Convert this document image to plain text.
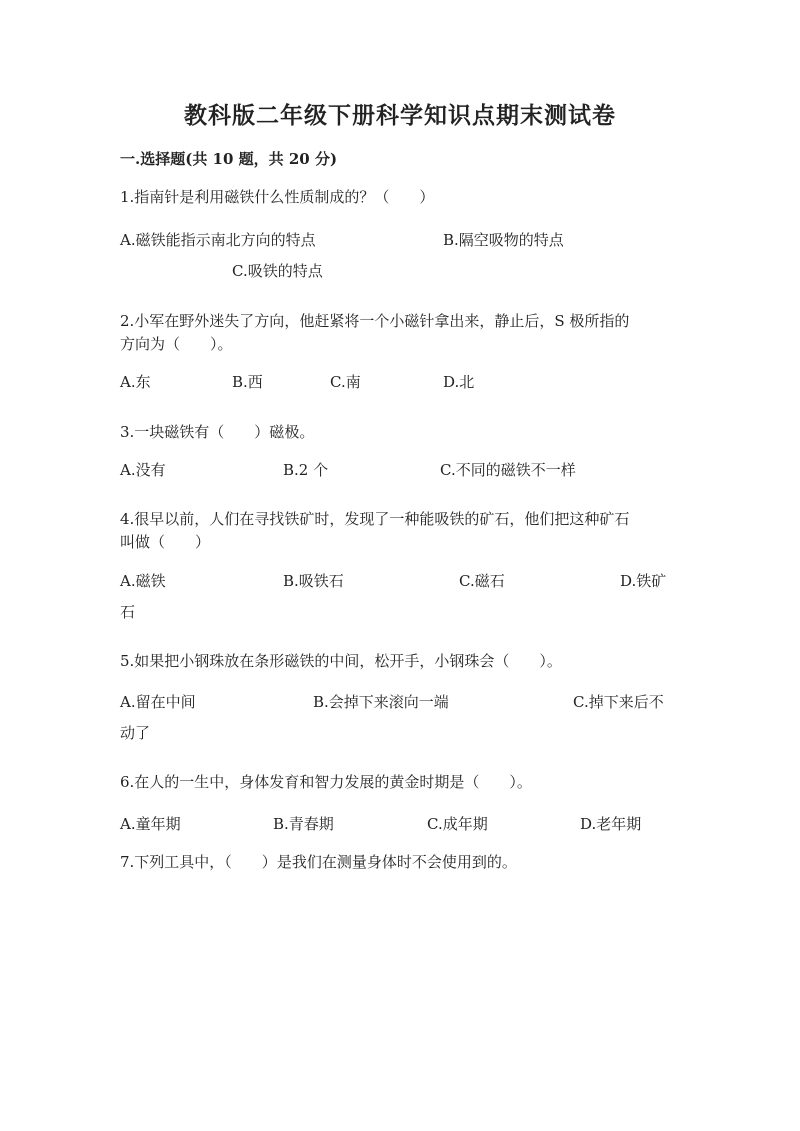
教科版二年级下册科学知识点期末测试卷
一.选择题(共 10 题，共 20 分)
1.指南针是利用磁铁什么性质制成的？（　　）
A.磁铁能指示南北方向的特点	B.隔空吸物的特点
C.吸铁的特点
2.小军在野外迷失了方向，他赶紧将一个小磁针拿出来，静止后，S 极所指的
方向为（　　）。
A.东	B.西	C.南	D.北
3.一块磁铁有（　　）磁极。
A.没有	B.2 个	C.不同的磁铁不一样
4.很早以前，人们在寻找铁矿时，发现了一种能吸铁的矿石，他们把这种矿石
叫做（　　）
A.磁铁	B.吸铁石	C.磁石	D.铁矿
石
5.如果把小钢珠放在条形磁铁的中间，松开手，小钢珠会（　　）。
A.留在中间	B.会掉下来滚向一端	C.掉下来后不
动了
6.在人的一生中，身体发育和智力发展的黄金时期是（　　）。
A.童年期	B.青春期	C.成年期	D.老年期
7.下列工具中，（　　）是我们在测量身体时不会使用到的。
